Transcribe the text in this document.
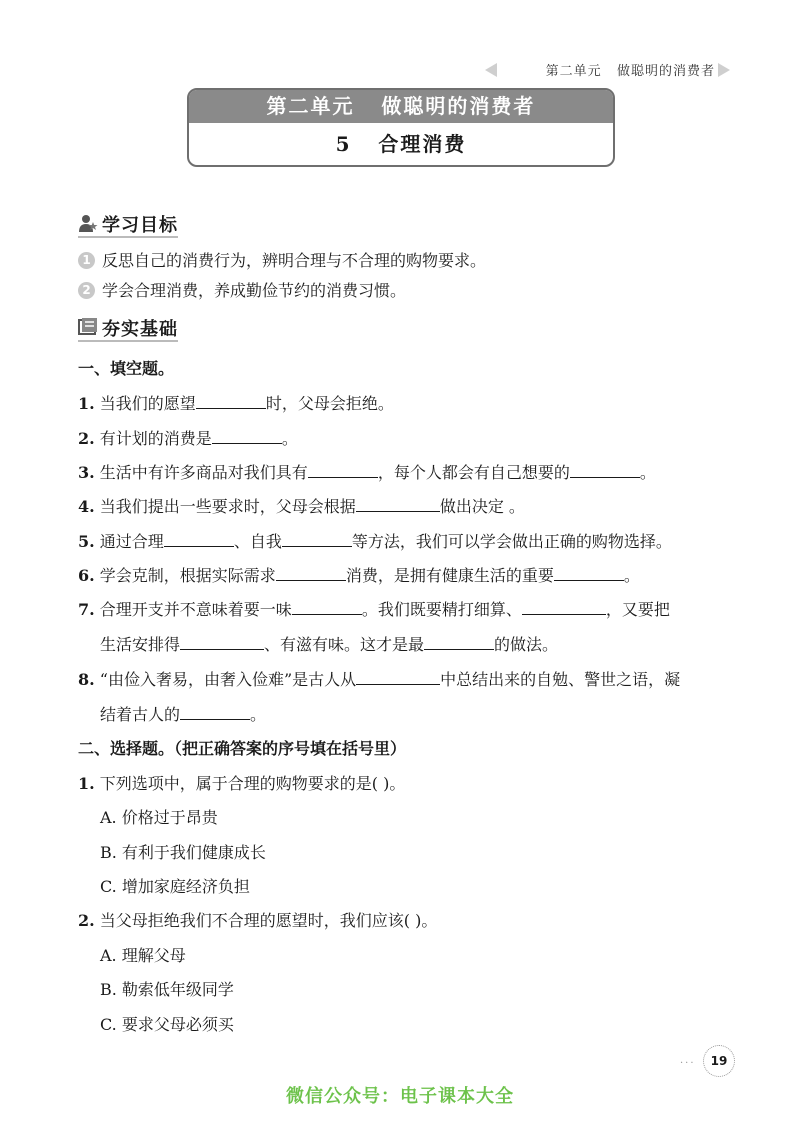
第二单元   做聪明的消费者
第二单元   做聪明的消费者
5   合理消费
学习目标
1 反思自己的消费行为，辨明合理与不合理的购物要求。
2 学会合理消费，养成勤俭节约的消费习惯。
夯实基础
一、填空题。
1. 当我们的愿望	时，父母会拒绝。
2. 有计划的消费是	。
3. 生活中有许多商品对我们具有	，每个人都会有自己想要的	。
4. 当我们提出一些要求时，父母会根据	做出决定 。
5. 通过合理	、自我	等方法，我们可以学会做出正确的购物选择。
6. 学会克制，根据实际需求	消费，是拥有健康生活的重要	。
7. 合理开支并不意味着要一味	。我们既要精打细算、	，又要把
生活安排得	、有滋有味。这才是最	的做法。
8. “由俭入奢易，由奢入俭难”是古人从	中总结出来的自勉、警世之语，凝
结着古人的	。
二、选择题。（把正确答案的序号填在括号里）
1. 下列选项中，属于合理的购物要求的是( )。
A. 价格过于昂贵
B. 有利于我们健康成长
C. 增加家庭经济负担
2. 当父母拒绝我们不合理的愿望时，我们应该( )。
A. 理解父母
B. 勒索低年级同学
C. 要求父母必须买
···	19
微信公众号：电子课本大全
